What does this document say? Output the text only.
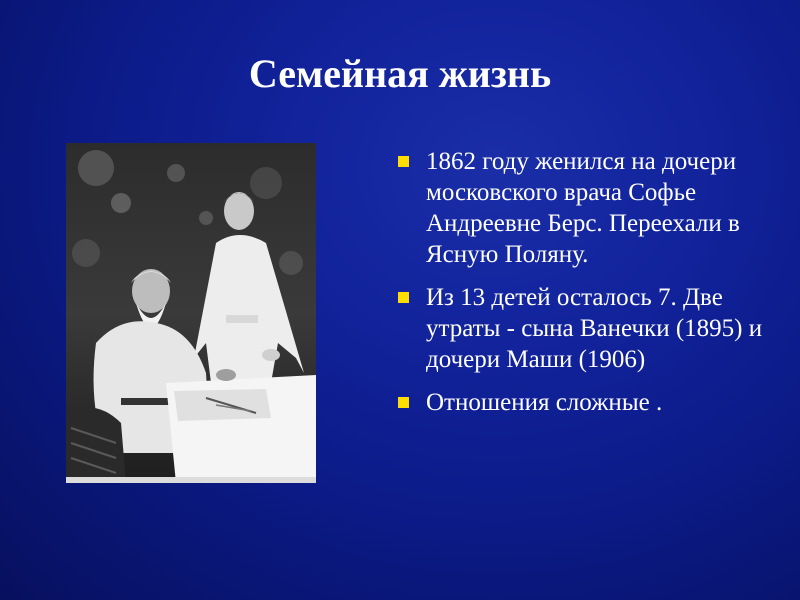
Семейная жизнь
1862 году женился на дочери московского врача Софье Андреевне Берс. Переехали в Ясную Поляну.
Из 13 детей осталось 7. Две утраты - сына Ванечки (1895) и дочери Маши (1906)
Отношения сложные .
